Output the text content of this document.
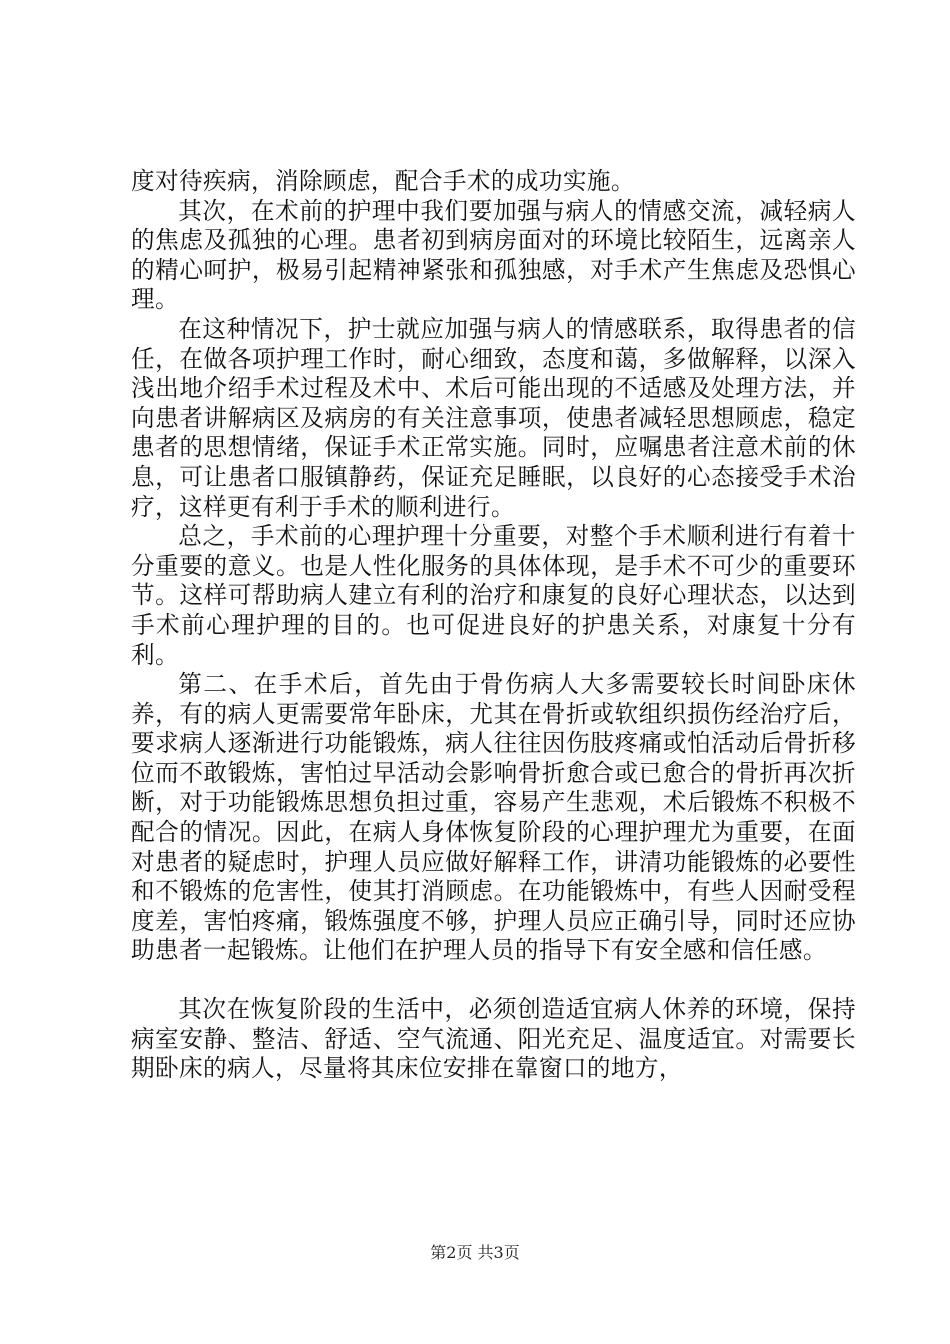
度对待疾病，消除顾虑，配合手术的成功实施。

其次，在术前的护理中我们要加强与病人的情感交流，减轻病人的焦虑及孤独的心理。患者初到病房面对的环境比较陌生，远离亲人的精心呵护，极易引起精神紧张和孤独感，对手术产生焦虑及恐惧心理。

在这种情况下，护士就应加强与病人的情感联系，取得患者的信任，在做各项护理工作时，耐心细致，态度和蔼，多做解释，以深入浅出地介绍手术过程及术中、术后可能出现的不适感及处理方法，并向患者讲解病区及病房的有关注意事项，使患者减轻思想顾虑，稳定患者的思想情绪，保证手术正常实施。同时，应嘱患者注意术前的休息，可让患者口服镇静药，保证充足睡眠，以良好的心态接受手术治疗，这样更有利于手术的顺利进行。

总之，手术前的心理护理十分重要，对整个手术顺利进行有着十分重要的意义。也是人性化服务的具体体现，是手术不可少的重要环节。这样可帮助病人建立有利的治疗和康复的良好心理状态，以达到手术前心理护理的目的。也可促进良好的护患关系，对康复十分有利。

第二、在手术后，首先由于骨伤病人大多需要较长时间卧床休养，有的病人更需要常年卧床，尤其在骨折或软组织损伤经治疗后，要求病人逐渐进行功能锻炼，病人往往因伤肢疼痛或怕活动后骨折移位而不敢锻炼，害怕过早活动会影响骨折愈合或已愈合的骨折再次折断，对于功能锻炼思想负担过重，容易产生悲观，术后锻炼不积极不配合的情况。因此，在病人身体恢复阶段的心理护理尤为重要，在面对患者的疑虑时，护理人员应做好解释工作，讲清功能锻炼的必要性和不锻炼的危害性，使其打消顾虑。在功能锻炼中，有些人因耐受程度差，害怕疼痛，锻炼强度不够，护理人员应正确引导，同时还应协助患者一起锻炼。让他们在护理人员的指导下有安全感和信任感。

其次在恢复阶段的生活中，必须创造适宜病人休养的环境，保持病室安静、整洁、舒适、空气流通、阳光充足、温度适宜。对需要长期卧床的病人，尽量将其床位安排在靠窗口的地方，

第2页 共3页
